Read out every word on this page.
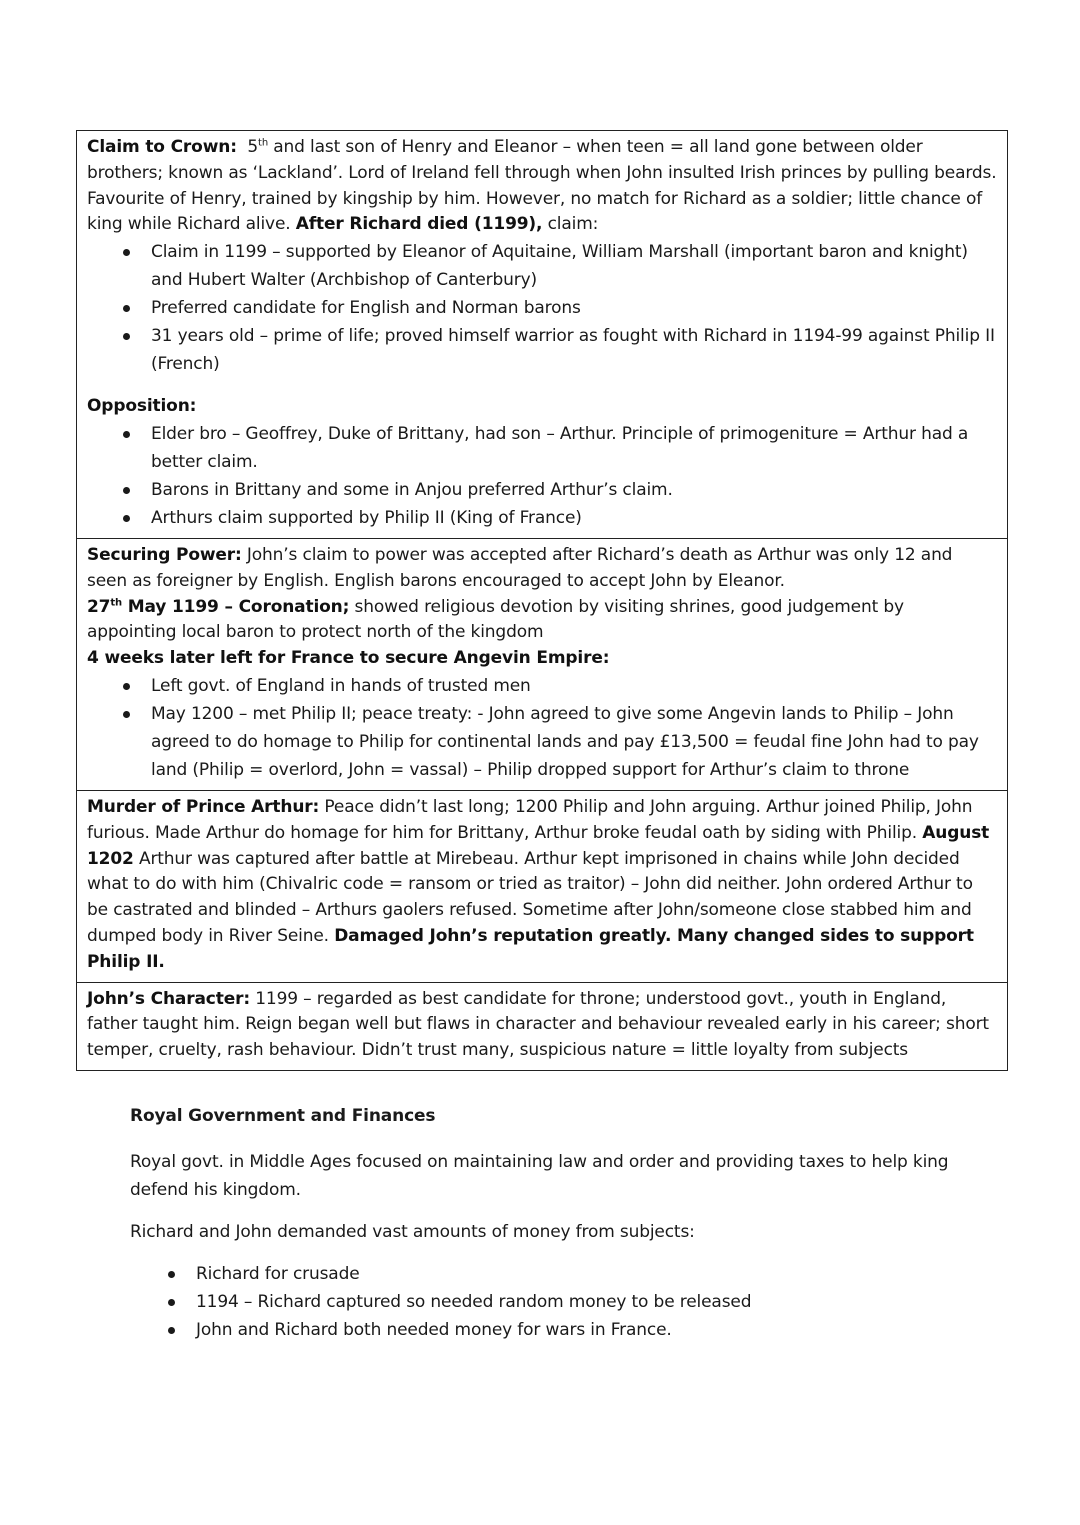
Claim to Crown: 5th and last son of Henry and Eleanor – when teen = all land gone between older brothers; known as ‘Lackland’. Lord of Ireland fell through when John insulted Irish princes by pulling beards. Favourite of Henry, trained by kingship by him. However, no match for Richard as a soldier; little chance of king while Richard alive. After Richard died (1199), claim:

Claim in 1199 – supported by Eleanor of Aquitaine, William Marshall (important baron and knight) and Hubert Walter (Archbishop of Canterbury)
Preferred candidate for English and Norman barons
31 years old – prime of life; proved himself warrior as fought with Richard in 1194-99 against Philip II (French)

Opposition:

Elder bro – Geoffrey, Duke of Brittany, had son – Arthur. Principle of primogeniture = Arthur had a better claim.
Barons in Brittany and some in Anjou preferred Arthur’s claim.
Arthurs claim supported by Philip II (King of France)

Securing Power: John’s claim to power was accepted after Richard’s death as Arthur was only 12 and seen as foreigner by English. English barons encouraged to accept John by Eleanor.

27th May 1199 – Coronation; showed religious devotion by visiting shrines, good judgement by appointing local baron to protect north of the kingdom

4 weeks later left for France to secure Angevin Empire:

Left govt. of England in hands of trusted men
May 1200 – met Philip II; peace treaty: - John agreed to give some Angevin lands to Philip – John agreed to do homage to Philip for continental lands and pay £13,500 = feudal fine John had to pay land (Philip = overlord, John = vassal) – Philip dropped support for Arthur’s claim to throne

Murder of Prince Arthur: Peace didn’t last long; 1200 Philip and John arguing. Arthur joined Philip, John furious. Made Arthur do homage for him for Brittany, Arthur broke feudal oath by siding with Philip. August 1202 Arthur was captured after battle at Mirebeau. Arthur kept imprisoned in chains while John decided what to do with him (Chivalric code = ransom or tried as traitor) – John did neither. John ordered Arthur to be castrated and blinded – Arthurs gaolers refused. Sometime after John/someone close stabbed him and dumped body in River Seine. Damaged John’s reputation greatly. Many changed sides to support Philip II.

John’s Character: 1199 – regarded as best candidate for throne; understood govt., youth in England, father taught him. Reign began well but flaws in character and behaviour revealed early in his career; short temper, cruelty, rash behaviour. Didn’t trust many, suspicious nature = little loyalty from subjects

Royal Government and Finances

Royal govt. in Middle Ages focused on maintaining law and order and providing taxes to help king defend his kingdom.

Richard and John demanded vast amounts of money from subjects:

Richard for crusade
1194 – Richard captured so needed random money to be released
John and Richard both needed money for wars in France.
